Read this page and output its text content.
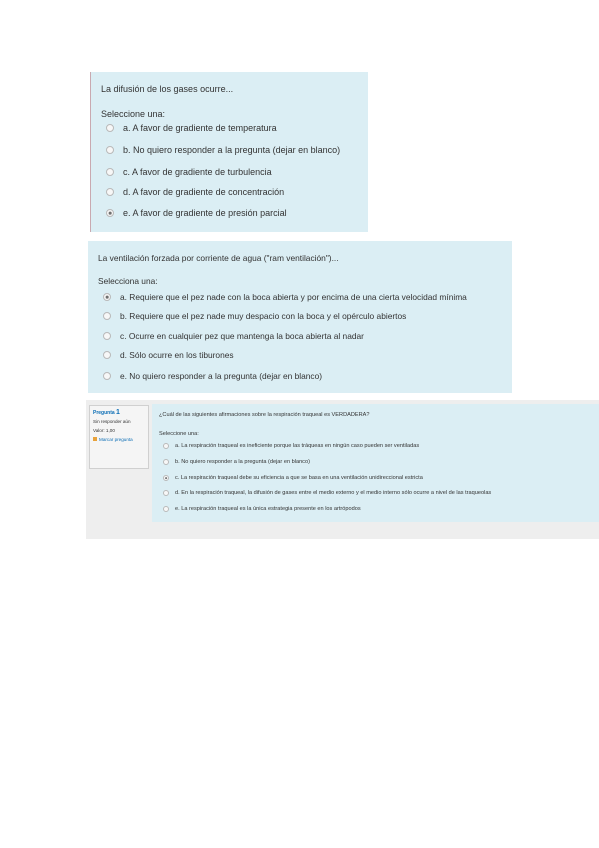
La difusión de los gases ocurre...
Seleccione una:
a. A favor de gradiente de temperatura
b. No quiero responder a la pregunta (dejar en blanco)
c. A favor de gradiente de turbulencia
d. A favor de gradiente de concentración
e. A favor de gradiente de presión parcial
La ventilación forzada por corriente de agua ("ram ventilación")...
Selecciona una:
a. Requiere que el pez nade con la boca abierta y por encima de una cierta velocidad mínima
b. Requiere que el pez nade muy despacio con la boca y el opérculo abiertos
c. Ocurre en cualquier pez que mantenga la boca abierta al nadar
d. Sólo ocurre en los tiburones
e. No quiero responder a la pregunta (dejar en blanco)
Pregunta 1
Sin responder aún
Valor: 1,00
Marcar pregunta
¿Cuál de las siguientes afirmaciones sobre la respiración traqueal es VERDADERA?
Seleccione una:
a. La respiración traqueal es ineficiente porque las tráqueas en ningún caso pueden ser ventiladas
b. No quiero responder a la pregunta (dejar en blanco)
c. La respiración traqueal debe su eficiencia a que se basa en una ventilación unidireccional estricta
d. En la respiración traqueal, la difusión de gases entre el medio externo y el medio interno sólo ocurre a nivel de las traqueolas
e. La respiración traqueal es la única estrategia presente en los artrópodos
